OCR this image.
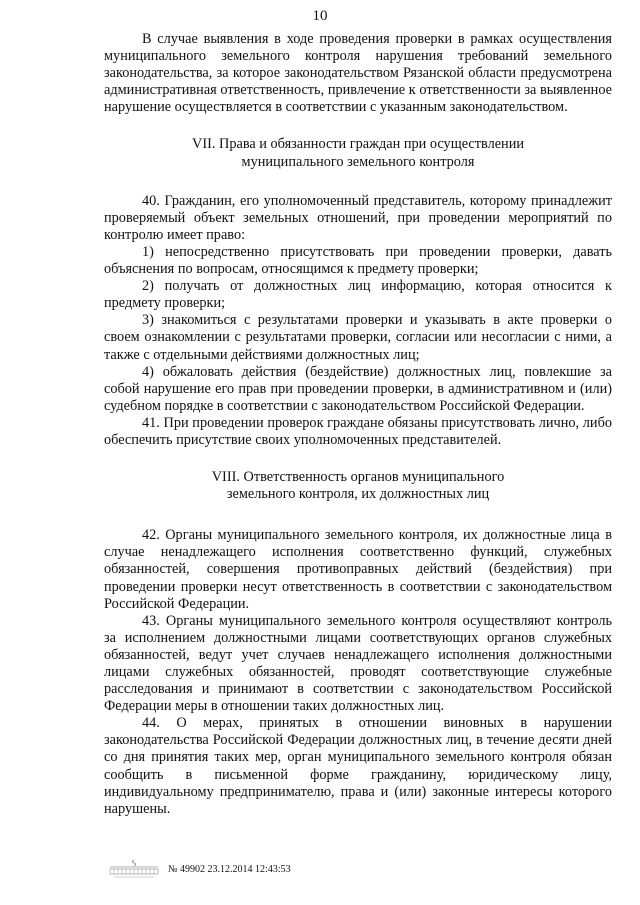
10

В случае выявления в ходе проведения проверки в рамках осуществления муниципального земельного контроля нарушения требований земельного законодательства, за которое законодательством Рязанской области предусмотрена административная ответственность, привлечение к ответственности за выявленное нарушение осуществляется в соответствии с указанным законодательством.

VII. Права и обязанности граждан при осуществлении
муниципального земельного контроля

40. Гражданин, его уполномоченный представитель, которому принадлежит проверяемый объект земельных отношений, при проведении мероприятий по контролю имеет право:

1) непосредственно присутствовать при проведении проверки, давать объяснения по вопросам, относящимся к предмету проверки;

2) получать от должностных лиц информацию, которая относится к предмету проверки;

3) знакомиться с результатами проверки и указывать в акте проверки о своем ознакомлении с результатами проверки, согласии или несогласии с ними, а также с отдельными действиями должностных лиц;

4) обжаловать действия (бездействие) должностных лиц, повлекшие за собой нарушение его прав при проведении проверки, в административном и (или) судебном порядке в соответствии с законодательством Российской Федерации.

41. При проведении проверок граждане обязаны присутствовать лично, либо обеспечить присутствие своих уполномоченных представителей.

VIII. Ответственность органов муниципального
земельного контроля, их должностных лиц

42. Органы муниципального земельного контроля, их должностные лица в случае ненадлежащего исполнения соответственно функций, служебных обязанностей, совершения противоправных действий (бездействия) при проведении проверки несут ответственность в соответствии с законодательством Российской Федерации.

43. Органы муниципального земельного контроля осуществляют контроль за исполнением должностными лицами соответствующих органов служебных обязанностей, ведут учет случаев ненадлежащего исполнения должностными лицами служебных обязанностей, проводят соответствующие служебные расследования и принимают в соответствии с законодательством Российской Федерации меры в отношении таких должностных лиц.

44. О мерах, принятых в отношении виновных в нарушении законодательства Российской Федерации должностных лиц, в течение десяти дней со дня принятия таких мер, орган муниципального земельного контроля обязан сообщить в письменной форме гражданину, юридическому лицу, индивидуальному предпринимателю, права и (или) законные интересы которого нарушены.

№ 49902 23.12.2014 12:43:53
